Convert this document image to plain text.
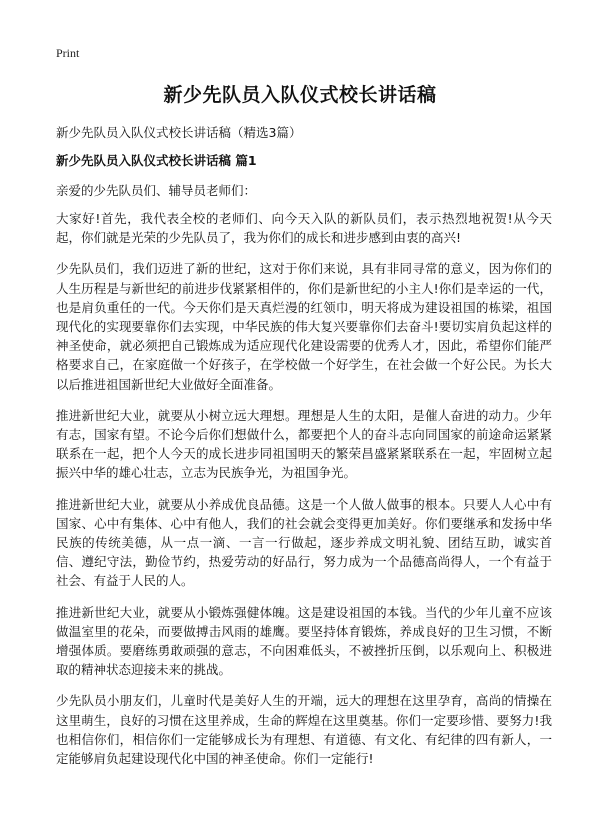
Print
新少先队员入队仪式校长讲话稿

新少先队员入队仪式校长讲话稿（精选3篇）

新少先队员入队仪式校长讲话稿 篇1

亲爱的少先队员们、辅导员老师们：

大家好!首先，我代表全校的老师们、向今天入队的新队员们，表示热烈地祝贺!从今天起，你们就是光荣的少先队员了，我为你们的成长和进步感到由衷的高兴!

少先队员们，我们迈进了新的世纪，这对于你们来说，具有非同寻常的意义，因为你们的人生历程是与新世纪的前进步伐紧紧相伴的，你们是新世纪的小主人!你们是幸运的一代，也是肩负重任的一代。今天你们是天真烂漫的红领巾，明天将成为建设祖国的栋梁，祖国现代化的实现要靠你们去实现，中华民族的伟大复兴要靠你们去奋斗!要切实肩负起这样的神圣使命，就必须把自己锻炼成为适应现代化建设需要的优秀人才，因此，希望你们能严格要求自己，在家庭做一个好孩子，在学校做一个好学生，在社会做一个好公民。为长大以后推进祖国新世纪大业做好全面准备。

推进新世纪大业，就要从小树立远大理想。理想是人生的太阳，是催人奋进的动力。少年有志，国家有望。不论今后你们想做什么，都要把个人的奋斗志向同国家的前途命运紧紧联系在一起，把个人今天的成长进步同祖国明天的繁荣昌盛紧紧联系在一起，牢固树立起振兴中华的雄心壮志，立志为民族争光，为祖国争光。

推进新世纪大业，就要从小养成优良品德。这是一个人做人做事的根本。只要人人心中有国家、心中有集体、心中有他人，我们的社会就会变得更加美好。你们要继承和发扬中华民族的传统美德，从一点一滴、一言一行做起，逐步养成文明礼貌、团结互助，诚实首信、遵纪守法，勤俭节约，热爱劳动的好品行，努力成为一个品德高尚得人，一个有益于社会、有益于人民的人。

推进新世纪大业，就要从小锻炼强健体魄。这是建设祖国的本钱。当代的少年儿童不应该做温室里的花朵，而要做搏击风雨的雄鹰。要坚持体育锻炼，养成良好的卫生习惯，不断增强体质。要磨练勇敢顽强的意志，不向困难低头，不被挫折压倒，以乐观向上、积极进取的精神状态迎接未来的挑战。

少先队员小朋友们，儿童时代是美好人生的开端，远大的理想在这里孕育，高尚的情操在这里萌生，良好的习惯在这里养成，生命的辉煌在这里奠基。你们一定要珍惜、要努力!我也相信你们，相信你们一定能够成长为有理想、有道德、有文化、有纪律的四有新人，一定能够肩负起建设现代化中国的神圣使命。你们一定能行!
